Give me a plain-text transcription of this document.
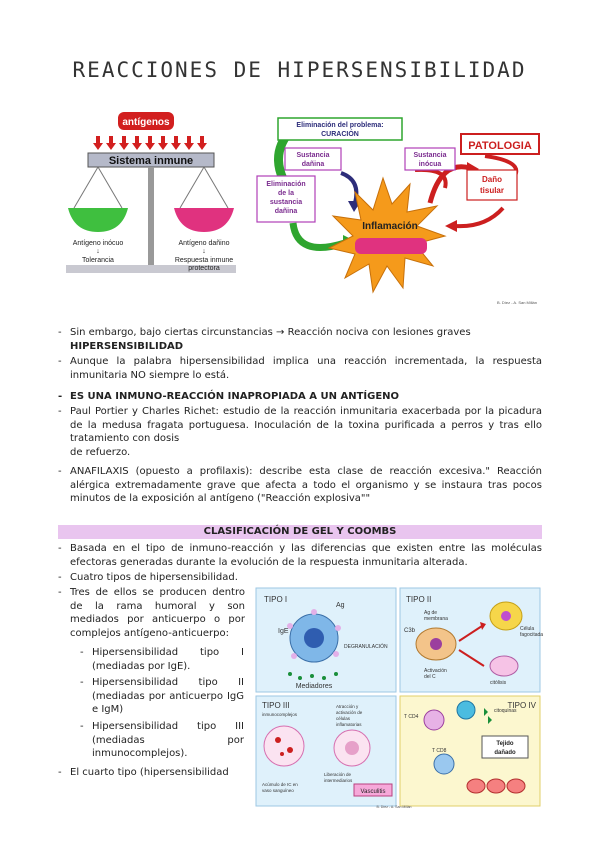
REACCIONES DE HIPERSENSIBILIDAD
antígenos
Sistema inmune
Antígeno inócuo
↓
Tolerancia
Antígeno dañino
↓
Respuesta inmune
protectora
Eliminación del problema:
CURACIÓN
Sustancia
dañina
Eliminación
de la
sustancia
dañina
Sustancia
inócua
PATOLOGIA
Daño
tisular
Inflamación
B. Díez - A. San Millán
- Sin embargo, bajo ciertas circunstancias → Reacción nociva con lesiones graves
HIPERSENSIBILIDAD
- Aunque la palabra hipersensibilidad implica una reacción incrementada, la respuesta inmunitaria NO siempre lo está.
- ES UNA INMUNO-REACCIÓN INAPROPIADA A UN ANTÍGENO
- Paul Portier y Charles Richet: estudio de la reacción inmunitaria exacerbada por la picadura de la medusa fragata portuguesa. Inoculación de la toxina purificada a perros y tras ello tratamiento con dosis
de refuerzo.
- ANAFILAXIS (opuesto a profilaxis): describe esta clase de reacción excesiva." Reacción alérgica extremadamente grave que afecta a todo el organismo y se instaura tras pocos minutos de la exposición al antígeno ("Reacción explosiva""
CLASIFICACIÓN DE GEL Y COOMBS
- Basada en el tipo de inmuno-reacción y las diferencias que existen entre las moléculas efectoras generadas durante la evolución de la respuesta inmunitaria alterada.
- Cuatro tipos de hipersensibilidad.
- Tres de ellos se producen dentro de la rama humoral y son mediados por anticuerpo o por complejos antígeno-anticuerpo:
- Hipersensibilidad tipo I (mediadas por IgE).
- Hipersensibilidad tipo II (mediadas por anticuerpo IgG e IgM)
- Hipersensibilidad tipo III (mediadas por inmunocomplejos).
- El cuarto tipo (hipersensibilidad
TIPO I
Ag
IgE
DEGRANULACIÓN
Mediadores
TIPO II
Ag de
membrana
C3b	Célula
fagocitada
citólisis
Activación
del C
TIPO III
inmunocomplejos
Acúmulo de IC en
vaso sanguíneo
Atracción y
activación de
células
inflamatorias
Liberación de
intermediarios
Vasculitis
TIPO IV
T CD4
citoquinas
T CD8
Tejido
dañado
B. Díez - A. San Millán
